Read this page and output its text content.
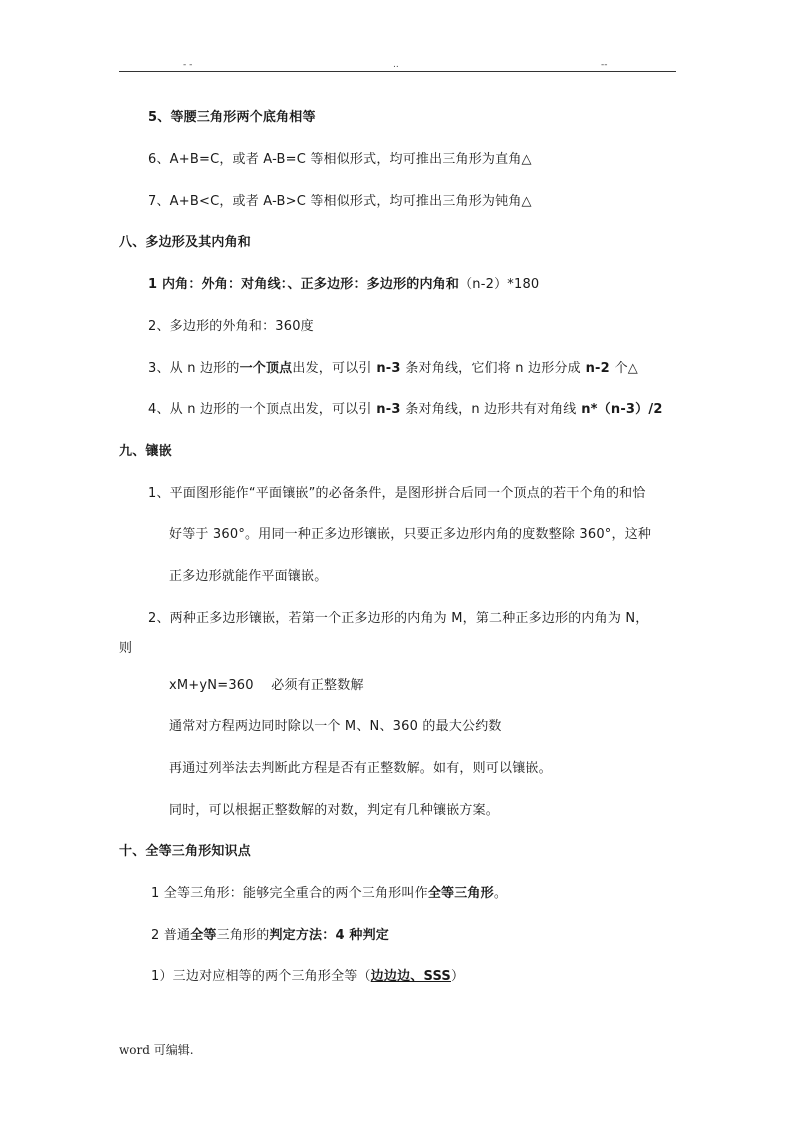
- -	..	--
5、等腰三角形两个底角相等
6、A+B=C，或者 A-B=C 等相似形式，均可推出三角形为直角△
7、A+B<C，或者 A-B>C 等相似形式，均可推出三角形为钝角△
八、多边形及其内角和
1 内角：外角：对角线：、正多边形：多边形的内角和（n-2）*180
2、多边形的外角和：360度
3、从 n 边形的一个顶点出发，可以引 n-3 条对角线，它们将 n 边形分成 n-2 个△
4、从 n 边形的一个顶点出发，可以引 n-3 条对角线，n 边形共有对角线 n*（n-3）/2
九、镶嵌
1、平面图形能作“平面镶嵌”的必备条件，是图形拼合后同一个顶点的若干个角的和恰
好等于 360°。用同一种正多边形镶嵌，只要正多边形内角的度数整除 360°，这种
正多边形就能作平面镶嵌。
2、两种正多边形镶嵌，若第一个正多边形的内角为 M，第二种正多边形的内角为 N，
则
xM+yN=360　 必须有正整数解
通常对方程两边同时除以一个 M、N、360 的最大公约数
再通过列举法去判断此方程是否有正整数解。如有，则可以镶嵌。
同时，可以根据正整数解的对数，判定有几种镶嵌方案。
十、全等三角形知识点
1 全等三角形：能够完全重合的两个三角形叫作全等三角形。
2 普通全等三角形的判定方法：4 种判定
1）三边对应相等的两个三角形全等（边边边、SSS）
word 可编辑.
